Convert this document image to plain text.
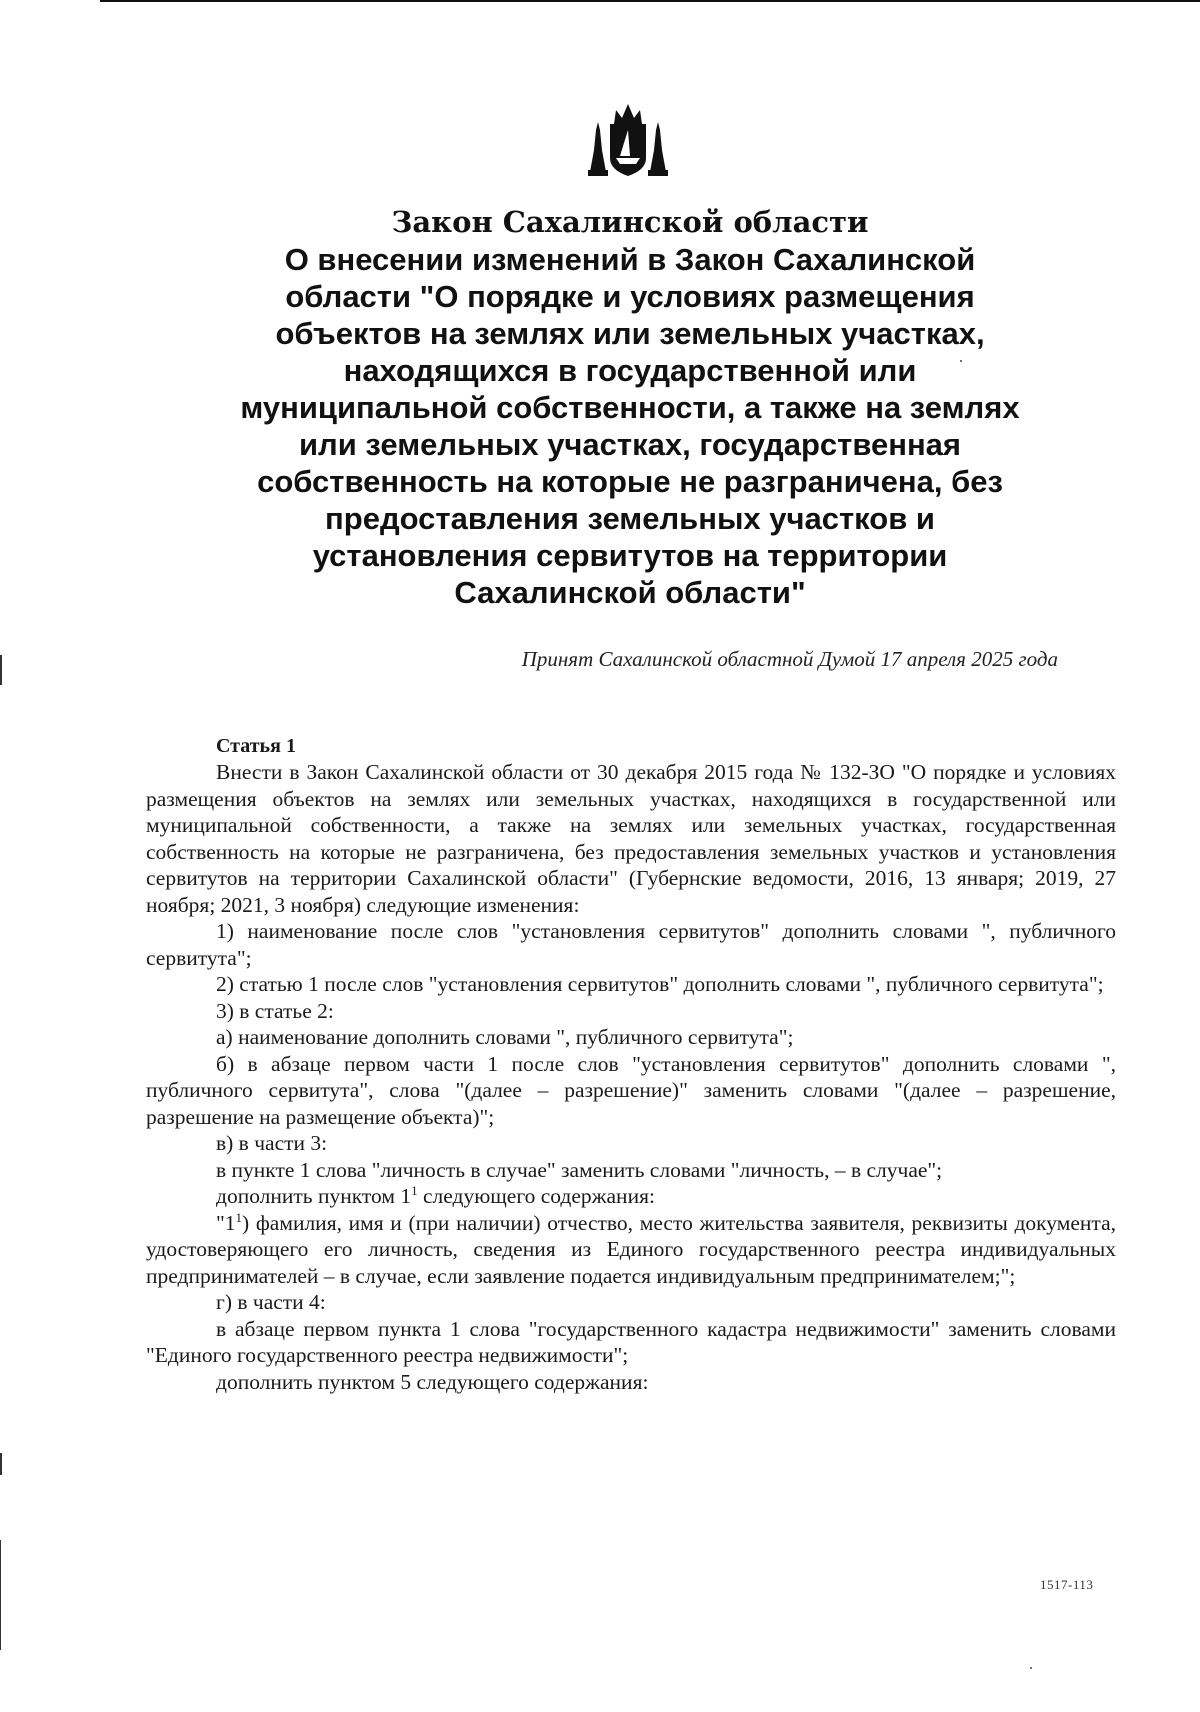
Закон Сахалинской области

О внесении изменений в Закон Сахалинской
области "О порядке и условиях размещения
объектов на землях или земельных участках,
находящихся в государственной или
муниципальной собственности, а также на землях
или земельных участках, государственная
собственность на которые не разграничена, без
предоставления земельных участков и
установления сервитутов на территории
Сахалинской области"
Принят Сахалинской областной Думой 17 апреля 2025 года

Статья 1

Внести в Закон Сахалинской области от 30 декабря 2015 года № 132-ЗО "О порядке и условиях размещения объектов на землях или земельных участках, находящихся в государственной или муниципальной собственности, а также на землях или земельных участках, государственная собственность на которые не разграничена, без предоставления земельных участков и установления сервитутов на территории Сахалинской области" (Губернские ведомости, 2016, 13 января; 2019, 27 ноября; 2021, 3 ноября) следующие изменения:

1) наименование после слов "установления сервитутов" дополнить словами ", публичного сервитута";

2) статью 1 после слов "установления сервитутов" дополнить словами ", публичного сервитута";

3) в статье 2:

а) наименование дополнить словами ", публичного сервитута";

б) в абзаце первом части 1 после слов "установления сервитутов" дополнить словами ", публичного сервитута", слова "(далее – разрешение)" заменить словами "(далее – разрешение, разрешение на размещение объекта)";

в) в части 3:

в пункте 1 слова "личность в случае" заменить словами "личность, – в случае";

дополнить пунктом $1^1$ следующего содержания:

"$1^1$) фамилия, имя и (при наличии) отчество, место жительства заявителя, реквизиты документа, удостоверяющего его личность, сведения из Единого государственного реестра индивидуальных предпринимателей – в случае, если заявление подается индивидуальным предпринимателем;";

г) в части 4:

в абзаце первом пункта 1 слова "государственного кадастра недвижимости" заменить словами "Единого государственного реестра недвижимости";

дополнить пунктом 5 следующего содержания:

1517-113
